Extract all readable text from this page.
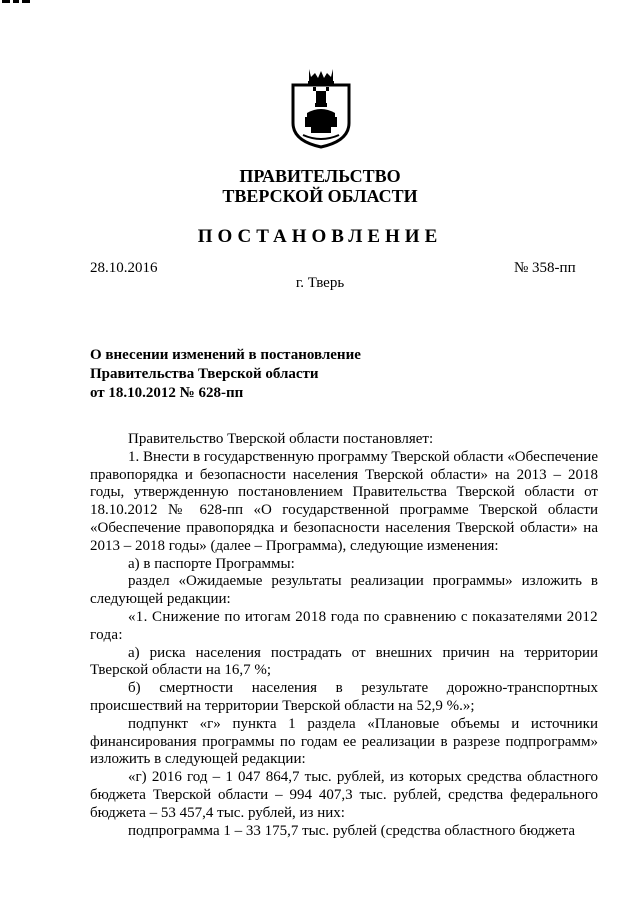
ПРАВИТЕЛЬСТВО
ТВЕРСКОЙ ОБЛАСТИ
ПОСТАНОВЛЕНИЕ
28.10.2016	№ 358-пп
г. Тверь
О внесении изменений в постановление
Правительства Тверской области
от 18.10.2012 № 628-пп

Правительство Тверской области постановляет:

1. Внести в государственную программу Тверской области «Обеспечение правопорядка и безопасности населения Тверской области» на 2013 – 2018 годы, утвержденную постановлением Правительства Тверской области от 18.10.2012 № 628-пп «О государственной программе Тверской области «Обеспечение правопорядка и безопасности населения Тверской области» на 2013 – 2018 годы» (далее – Программа), следующие изменения:

а) в паспорте Программы:

раздел «Ожидаемые результаты реализации программы» изложить в следующей редакции:

«1. Снижение по итогам 2018 года по сравнению с показателями 2012 года:

а) риска населения пострадать от внешних причин на территории Тверской области на 16,7 %;

б) смертности населения в результате дорожно-транспортных происшествий на территории Тверской области на 52,9 %.»;

подпункт «г» пункта 1 раздела «Плановые объемы и источники финансирования программы по годам ее реализации в разрезе подпрограмм» изложить в следующей редакции:

«г) 2016 год – 1 047 864,7 тыс. рублей, из которых средства областного бюджета Тверской области – 994 407,3 тыс. рублей, средства федерального бюджета – 53 457,4 тыс. рублей, из них:

подпрограмма 1 – 33 175,7 тыс. рублей (средства областного бюджета
